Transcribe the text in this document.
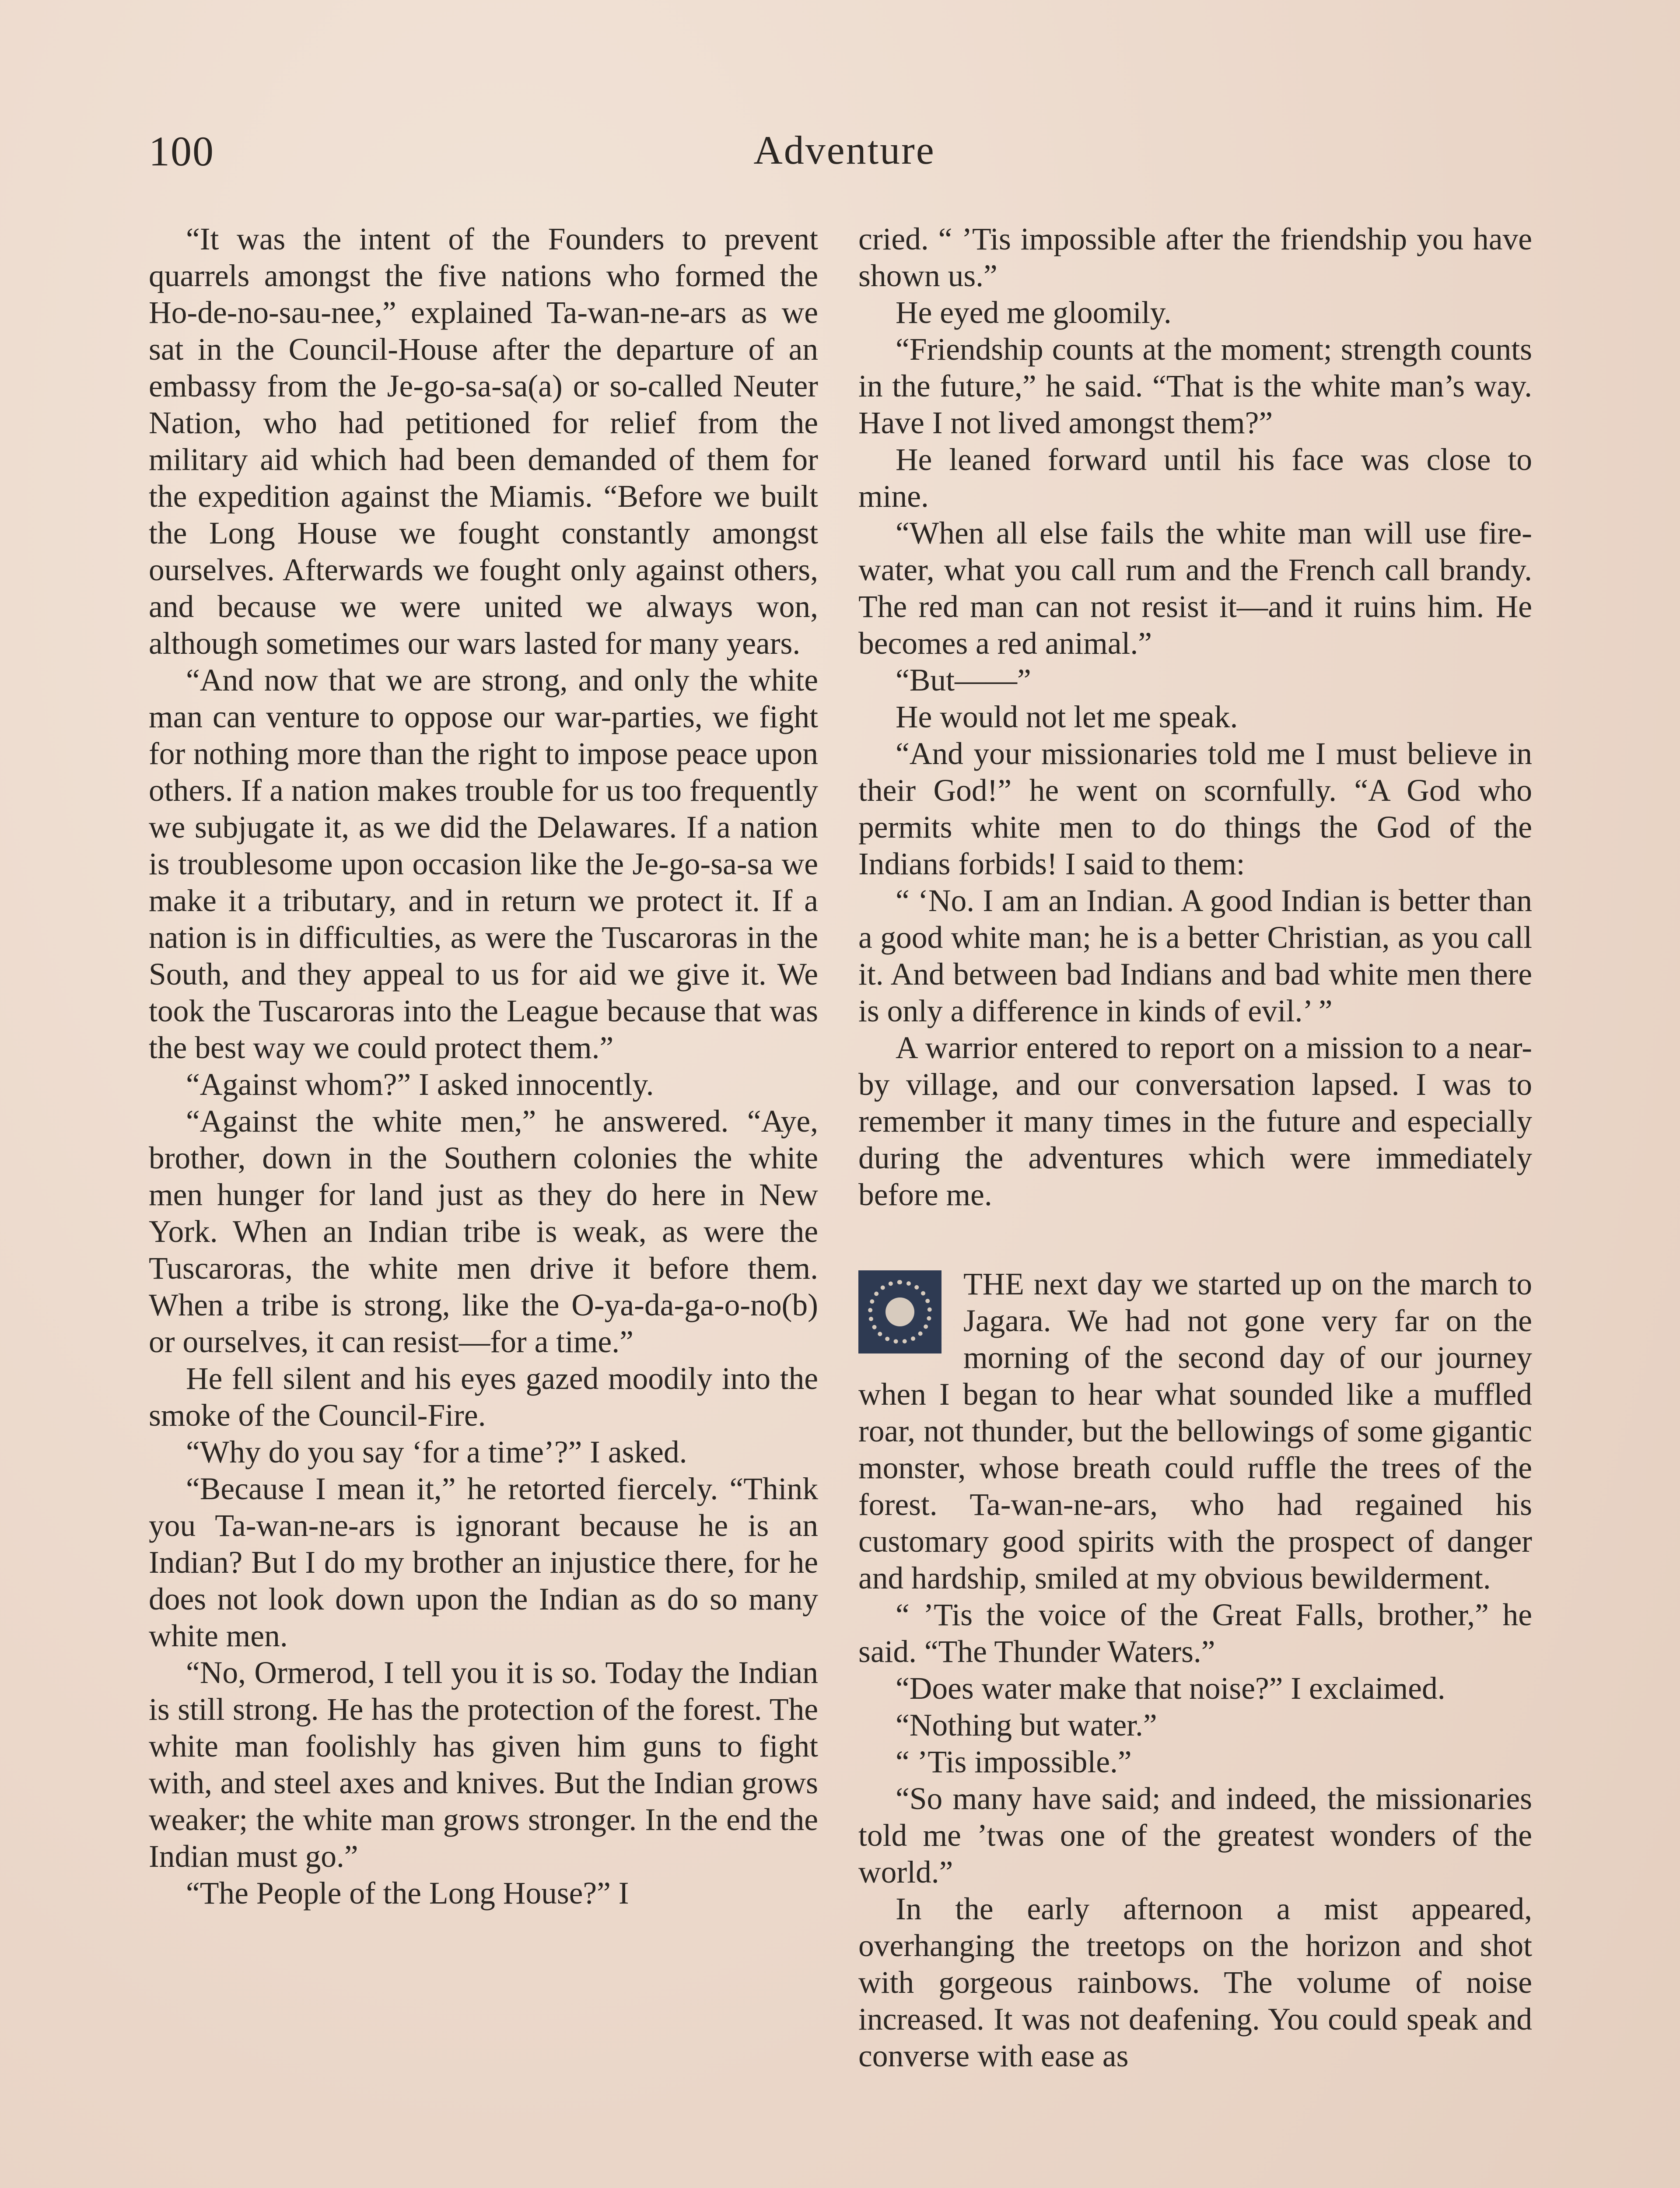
100	Adventure

“It was the intent of the Founders to prevent quarrels amongst the five nations who formed the Ho-de-no-sau-nee,” explained Ta-wan-ne-ars as we sat in the Council-House after the departure of an embassy from the Je-go-sa-sa(a) or so-called Neuter Nation, who had petitioned for relief from the military aid which had been demanded of them for the expedition against the Miamis. “Before we built the Long House we fought constantly amongst ourselves. Afterwards we fought only against others, and because we were united we always won, although sometimes our wars lasted for many years.

“And now that we are strong, and only the white man can venture to oppose our war-parties, we fight for nothing more than the right to impose peace upon others. If a nation makes trouble for us too frequently we subjugate it, as we did the Delawares. If a nation is troublesome upon occasion like the Je-go-sa-sa we make it a tributary, and in return we protect it. If a nation is in difficulties, as were the Tuscaroras in the South, and they appeal to us for aid we give it. We took the Tuscaroras into the League because that was the best way we could protect them.”

“Against whom?” I asked innocently.

“Against the white men,” he answered. “Aye, brother, down in the Southern colonies the white men hunger for land just as they do here in New York. When an Indian tribe is weak, as were the Tuscaroras, the white men drive it before them. When a tribe is strong, like the O-ya-da-ga-o-no(b) or ourselves, it can resist—for a time.”

He fell silent and his eyes gazed moodily into the smoke of the Council-Fire.

“Why do you say ‘for a time’?” I asked.

“Because I mean it,” he retorted fiercely. “Think you Ta-wan-ne-ars is ignorant because he is an Indian? But I do my brother an injustice there, for he does not look down upon the Indian as do so many white men.

“No, Ormerod, I tell you it is so. Today the Indian is still strong. He has the protection of the forest. The white man foolishly has given him guns to fight with, and steel axes and knives. But the Indian grows weaker; the white man grows stronger. In the end the Indian must go.”

“The People of the Long House?” I

cried. “ ’Tis impossible after the friendship you have shown us.”

He eyed me gloomily.

“Friendship counts at the moment; strength counts in the future,” he said. “That is the white man’s way. Have I not lived amongst them?”

He leaned forward until his face was close to mine.

“When all else fails the white man will use fire-water, what you call rum and the French call brandy. The red man can not resist it—and it ruins him. He becomes a red animal.”

“But——”

He would not let me speak.

“And your missionaries told me I must believe in their God!” he went on scornfully. “A God who permits white men to do things the God of the Indians forbids! I said to them:

“ ‘No. I am an Indian. A good Indian is better than a good white man; he is a better Christian, as you call it. And between bad Indians and bad white men there is only a difference in kinds of evil.’ ”

A warrior entered to report on a mission to a near-by village, and our conversation lapsed. I was to remember it many times in the future and especially during the adventures which were immediately before me.

THE next day we started up on the march to Jagara. We had not gone very far on the morning of the second day of our journey when I began to hear what sounded like a muffled roar, not thunder, but the bellowings of some gigantic monster, whose breath could ruffle the trees of the forest. Ta-wan-ne-ars, who had regained his customary good spirits with the prospect of danger and hardship, smiled at my obvious bewilderment.

“ ’Tis the voice of the Great Falls, brother,” he said. “The Thunder Waters.”

“Does water make that noise?” I exclaimed.

“Nothing but water.”

“ ’Tis impossible.”

“So many have said; and indeed, the missionaries told me ’twas one of the greatest wonders of the world.”

In the early afternoon a mist appeared, overhanging the treetops on the horizon and shot with gorgeous rainbows. The volume of noise increased. It was not deafening. You could speak and converse with ease as
